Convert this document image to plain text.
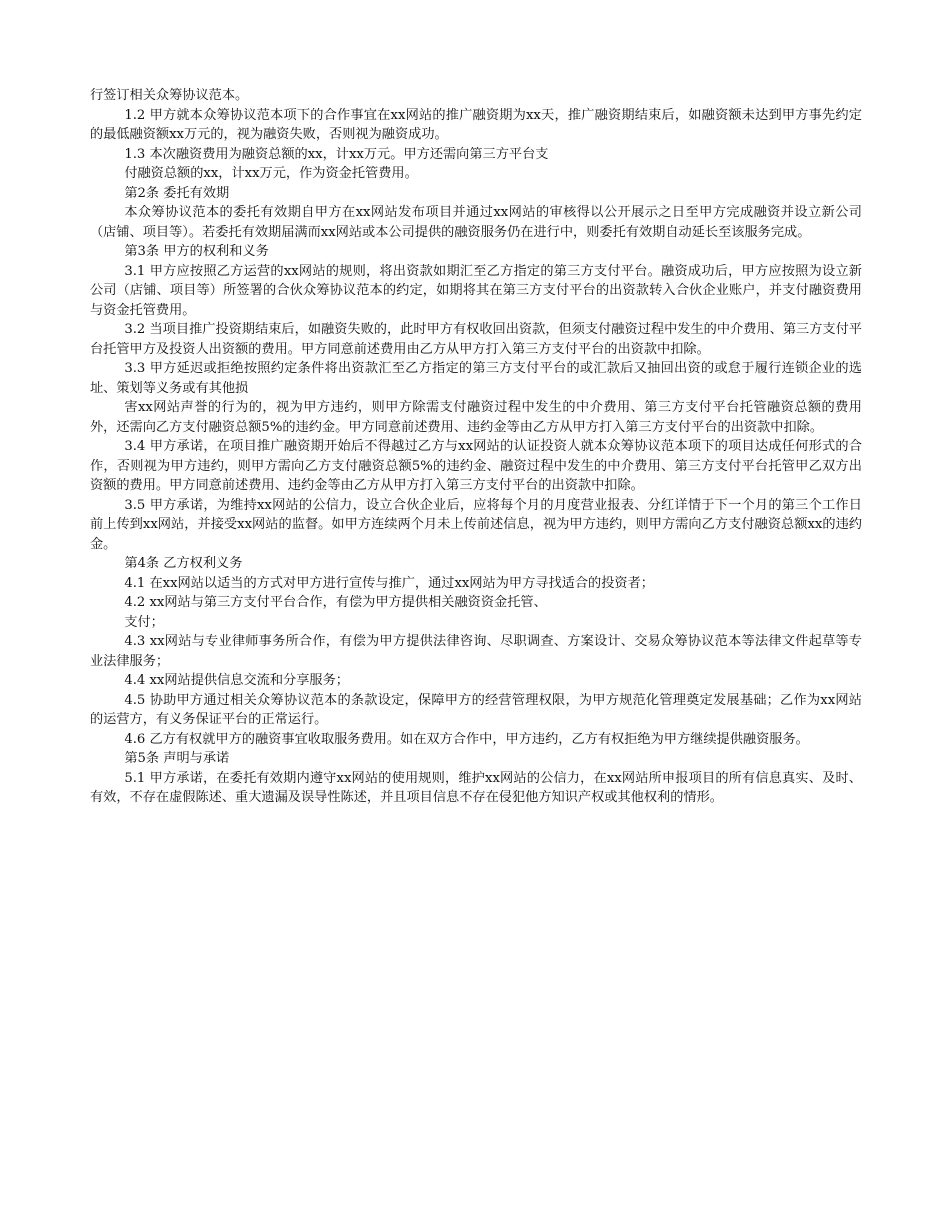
行签订相关众筹协议范本。

1.2 甲方就本众筹协议范本项下的合作事宜在xx网站的推广融资期为xx天，推广融资期结束后，如融资额未达到甲方事先约定的最低融资额xx万元的，视为融资失败，否则视为融资成功。

1.3 本次融资费用为融资总额的xx，计xx万元。甲方还需向第三方平台支

付融资总额的xx，计xx万元，作为资金托管费用。

第2条 委托有效期

本众筹协议范本的委托有效期自甲方在xx网站发布项目并通过xx网站的审核得以公开展示之日至甲方完成融资并设立新公司（店铺、项目等）。若委托有效期届满而xx网站或本公司提供的融资服务仍在进行中，则委托有效期自动延长至该服务完成。

第3条 甲方的权利和义务

3.1 甲方应按照乙方运营的xx网站的规则，将出资款如期汇至乙方指定的第三方支付平台。融资成功后，甲方应按照为设立新公司（店铺、项目等）所签署的合伙众筹协议范本的约定，如期将其在第三方支付平台的出资款转入合伙企业账户，并支付融资费用与资金托管费用。

3.2 当项目推广投资期结束后，如融资失败的，此时甲方有权收回出资款，但须支付融资过程中发生的中介费用、第三方支付平台托管甲方及投资人出资额的费用。甲方同意前述费用由乙方从甲方打入第三方支付平台的出资款中扣除。

3.3 甲方延迟或拒绝按照约定条件将出资款汇至乙方指定的第三方支付平台的或汇款后又抽回出资的或怠于履行连锁企业的选址、策划等义务或有其他损

害xx网站声誉的行为的，视为甲方违约，则甲方除需支付融资过程中发生的中介费用、第三方支付平台托管融资总额的费用外，还需向乙方支付融资总额5%的违约金。甲方同意前述费用、违约金等由乙方从甲方打入第三方支付平台的出资款中扣除。

3.4 甲方承诺，在项目推广融资期开始后不得越过乙方与xx网站的认证投资人就本众筹协议范本项下的项目达成任何形式的合作，否则视为甲方违约，则甲方需向乙方支付融资总额5%的违约金、融资过程中发生的中介费用、第三方支付平台托管甲乙双方出资额的费用。甲方同意前述费用、违约金等由乙方从甲方打入第三方支付平台的出资款中扣除。

3.5 甲方承诺，为维持xx网站的公信力，设立合伙企业后，应将每个月的月度营业报表、分红详情于下一个月的第三个工作日前上传到xx网站，并接受xx网站的监督。如甲方连续两个月未上传前述信息，视为甲方违约，则甲方需向乙方支付融资总额xx的违约金。

第4条 乙方权利义务

4.1 在xx网站以适当的方式对甲方进行宣传与推广，通过xx网站为甲方寻找适合的投资者；

4.2 xx网站与第三方支付平台合作，有偿为甲方提供相关融资资金托管、

支付；

4.3 xx网站与专业律师事务所合作，有偿为甲方提供法律咨询、尽职调查、方案设计、交易众筹协议范本等法律文件起草等专业法律服务；

4.4 xx网站提供信息交流和分享服务；

4.5 协助甲方通过相关众筹协议范本的条款设定，保障甲方的经营管理权限，为甲方规范化管理奠定发展基础；乙作为xx网站的运营方，有义务保证平台的正常运行。

4.6 乙方有权就甲方的融资事宜收取服务费用。如在双方合作中，甲方违约，乙方有权拒绝为甲方继续提供融资服务。

第5条 声明与承诺

5.1 甲方承诺，在委托有效期内遵守xx网站的使用规则，维护xx网站的公信力，在xx网站所申报项目的所有信息真实、及时、有效，不存在虚假陈述、重大遗漏及误导性陈述，并且项目信息不存在侵犯他方知识产权或其他权利的情形。
